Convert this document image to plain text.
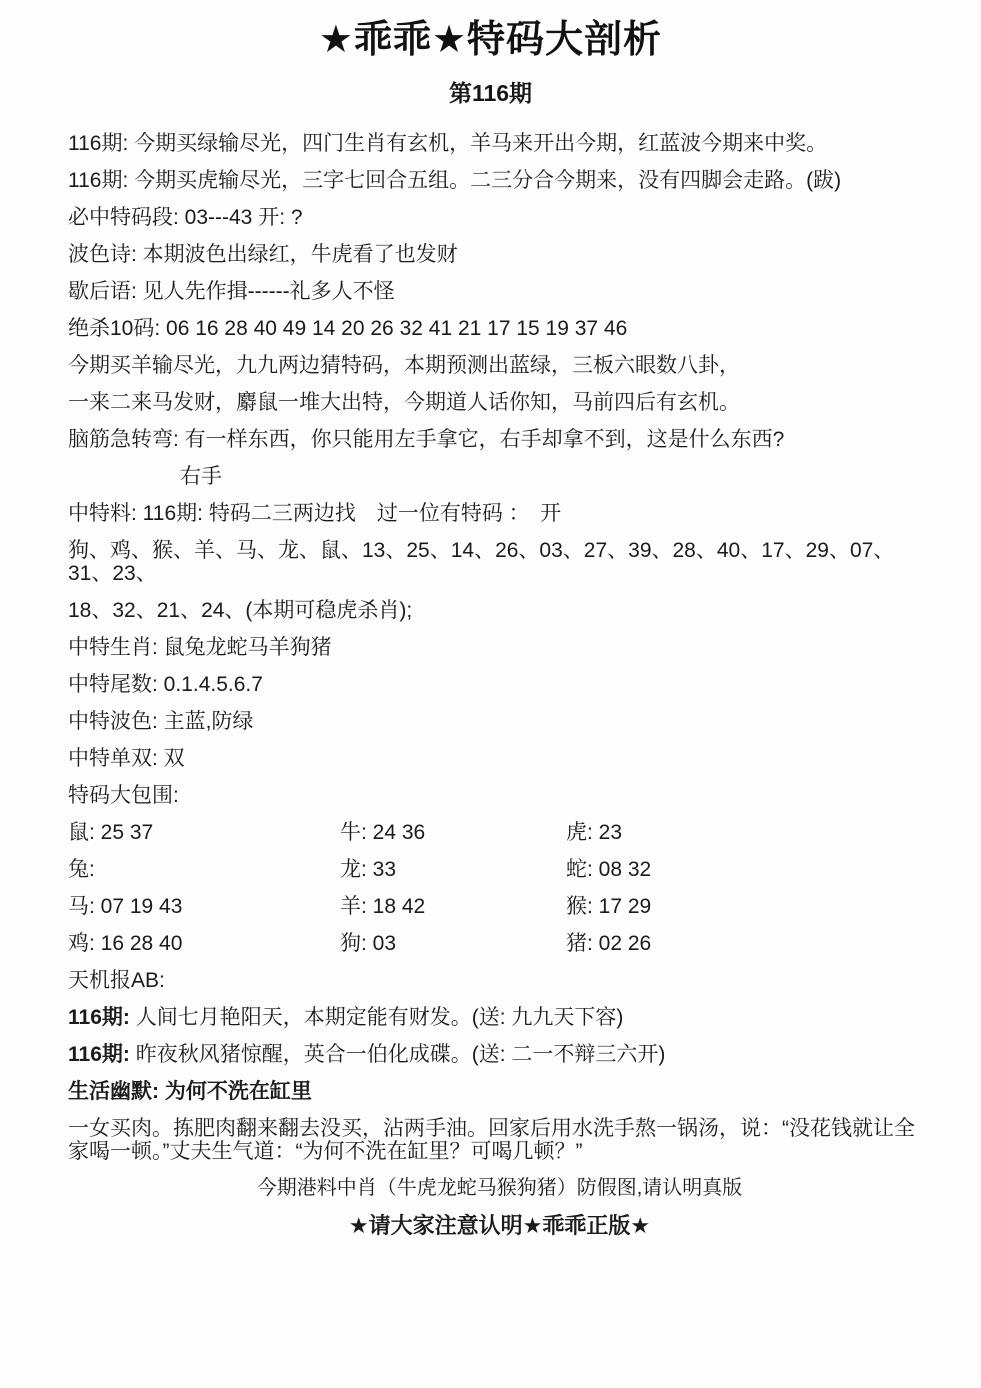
★乖乖★特码大剖析
第116期

116期: 今期买绿输尽光，四门生肖有玄机，羊马来开出今期，红蓝波今期来中奖。

116期: 今期买虎输尽光，三字七回合五组。二三分合今期来，没有四脚会走路。(跋)

必中特码段: 03---43 开: ?

波色诗: 本期波色出绿红，牛虎看了也发财

歇后语: 见人先作揖------礼多人不怪

绝杀10码: 06 16 28 40 49 14 20 26 32 41 21 17 15 19 37 46

今期买羊输尽光，九九两边猜特码，本期预测出蓝绿，三板六眼数八卦，

一来二来马发财，麝鼠一堆大出特，今期道人话你知，马前四后有玄机。

脑筋急转弯: 有一样东西，你只能用左手拿它，右手却拿不到，这是什么东西?

右手

中特料: 116期: 特码二三两边找　过一位有特码 ：　开

狗、鸡、猴、羊、马、龙、鼠、13、25、14、26、03、27、39、28、40、17、29、07、31、23、

18、32、21、24、(本期可稳虎杀肖);

中特生肖: 鼠兔龙蛇马羊狗猪

中特尾数: 0.1.4.5.6.7

中特波色: 主蓝,防绿

中特单双: 双

特码大包围:

鼠: 25 37	牛: 24 36	虎: 23
兔:	龙: 33	蛇: 08 32
马: 07 19 43	羊: 18 42	猴: 17 29
鸡: 16 28 40	狗: 03	猪: 02 26

天机报AB:

116期: 人间七月艳阳天，本期定能有财发。(送: 九九天下容)

116期: 昨夜秋风猪惊醒，英合一伯化成碟。(送: 二一不辩三六开)

生活幽默: 为何不洗在缸里

一女买肉。拣肥肉翻来翻去没买，沾两手油。回家后用水洗手熬一锅汤，说：“没花钱就让全家喝一顿。”丈夫生气道：“为何不洗在缸里？可喝几顿？”

今期港料中肖（牛虎龙蛇马猴狗猪）防假图,请认明真版

★请大家注意认明★乖乖正版★
